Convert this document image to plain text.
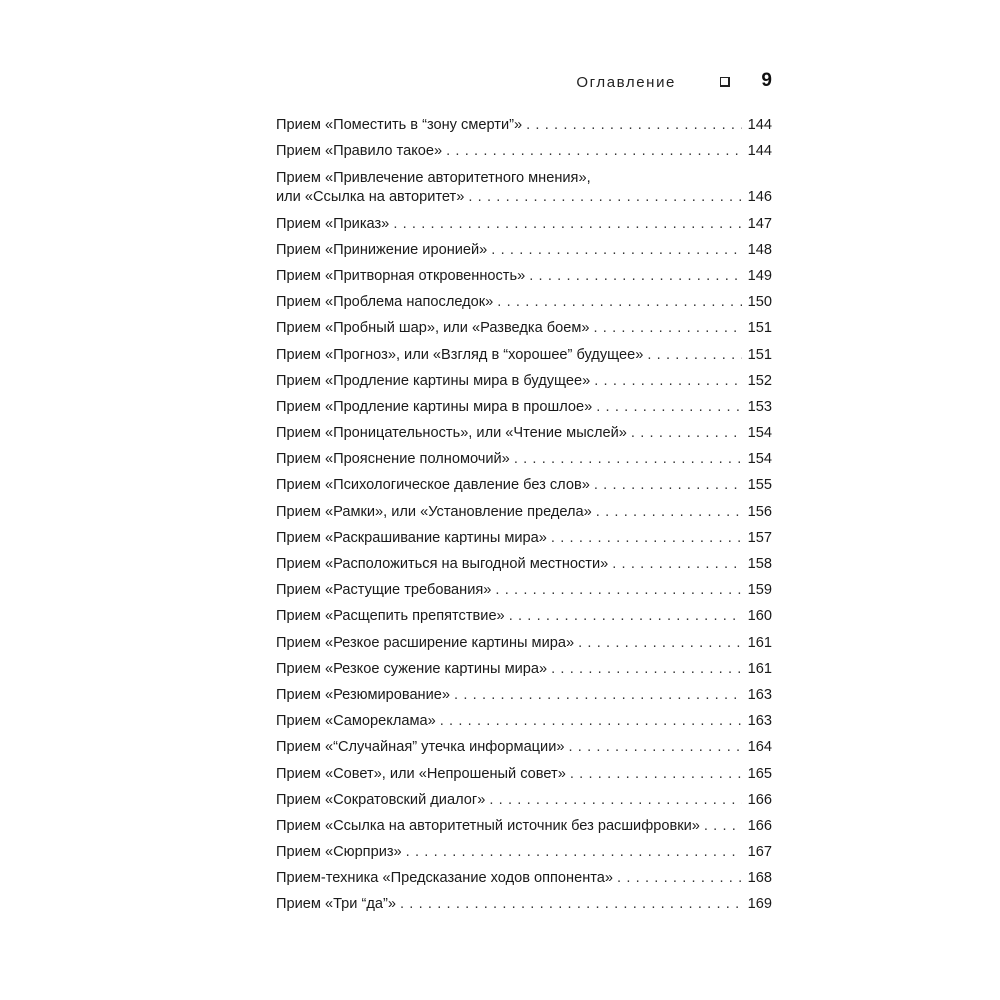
Оглавление	9
Прием «Поместить в “зону смерти”» . . .	144
Прием «Правило такое» . . .	144
Прием «Привлечение авторитетного мнения»,
или «Ссылка на авторитет» . . .	146
Прием «Приказ» . . .	147
Прием «Принижение иронией» . . .	148
Прием «Притворная откровенность» . . .	149
Прием «Проблема напоследок» . . .	150
Прием «Пробный шар», или «Разведка боем» . . .	151
Прием «Прогноз», или «Взгляд в “хорошее” будущее» . . .	151
Прием «Продление картины мира в будущее» . . .	152
Прием «Продление картины мира в прошлое» . . .	153
Прием «Проницательность», или «Чтение мыслей» . . .	154
Прием «Прояснение полномочий» . . .	154
Прием «Психологическое давление без слов» . . .	155
Прием «Рамки», или «Установление предела» . . .	156
Прием «Раскрашивание картины мира» . . .	157
Прием «Расположиться на выгодной местности» . . .	158
Прием «Растущие требования» . . .	159
Прием «Расщепить препятствие» . . .	160
Прием «Резкое расширение картины мира» . . .	161
Прием «Резкое сужение картины мира» . . .	161
Прием «Резюмирование» . . .	163
Прием «Самореклама» . . .	163
Прием «“Случайная” утечка информации» . . .	164
Прием «Совет», или «Непрошеный совет» . . .	165
Прием «Сократовский диалог» . . .	166
Прием «Ссылка на авторитетный источник без расшифровки» . . .	166
Прием «Сюрприз» . . .	167
Прием-техника «Предсказание ходов оппонента» . . .	168
Прием «Три “да”» . . .	169
